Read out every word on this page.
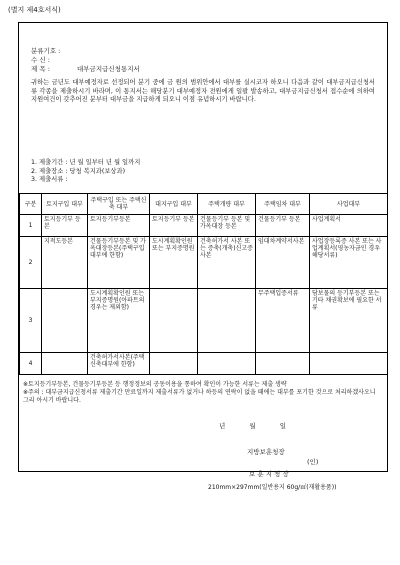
(별지 제4호서식)
분류기호 :
수 신 :
제 목 :	대부금지급신청통지서
귀하는 금년도 대부예정자로 선정되어 분기 중에 금 원의 범위안에서 대부를 실시코자 하오니 다음과 같이 대부금지급신청서류 각종을 제출하시기 바라며, 이 통지서는 해당분기 대부예정자 전원에게 일괄 발송하고, 대부금지급신청서 접수순에 의하여 지원여건이 갖추어진 분부터 대부금을 지급하게 되오니 이점 유념하시기 바랍니다.
1. 제출기간 : 년 월 일부터 년 월 일까지
2. 제출장소 : 당청 복지과(보상과)
3. 제출서류 :
구분	토지구입 대부	주택구입 또는 주택신축 대부	대지구입 대부	주택개량 대부	주택임차 대부	사업대부
1	토지등기부 등본	토지등기부등본	토지등기부 등본	건물등기부 등본 및 가옥대장 등본	건물등기부 등본	사업계획서
2	지적도등본	건물등기부등본 및 가옥대장등본(주택구입대부에 한함)	도시계획확인원 또는 부지증명원	건축허가서 사본 또는 증축(개축)신고증사본	임대차계약서사본	사업장등록증 사본 또는 사업계획서(영농자금인 경우 해당서류)
3		도시계획확인원 또는 부지증명원(아파트의 경우는 제외함)			무주택입증서류	담보물의 등기부등본 또는 기타 채권확보에 필요한 서류
4		건축허가서사본(주택신축대부에 한함)				
※토지등기부등본, 건물등기부등본 등 행정정보의 공동이용을 통하여 확인이 가능한 서류는 제출 생략
※주의 : 대부금지급신청서류 제출기간 만료일까지 제출서류가 없거나 하등의 연락이 없을 때에는 대부를 포기한 것으로 처리하겠사오니 그리 아시기 바랍니다.
년 월 일
지방보훈청장
(인)
보 훈 지 청 장
210mm×297mm(일반용지 60g/㎡(재활용품))
